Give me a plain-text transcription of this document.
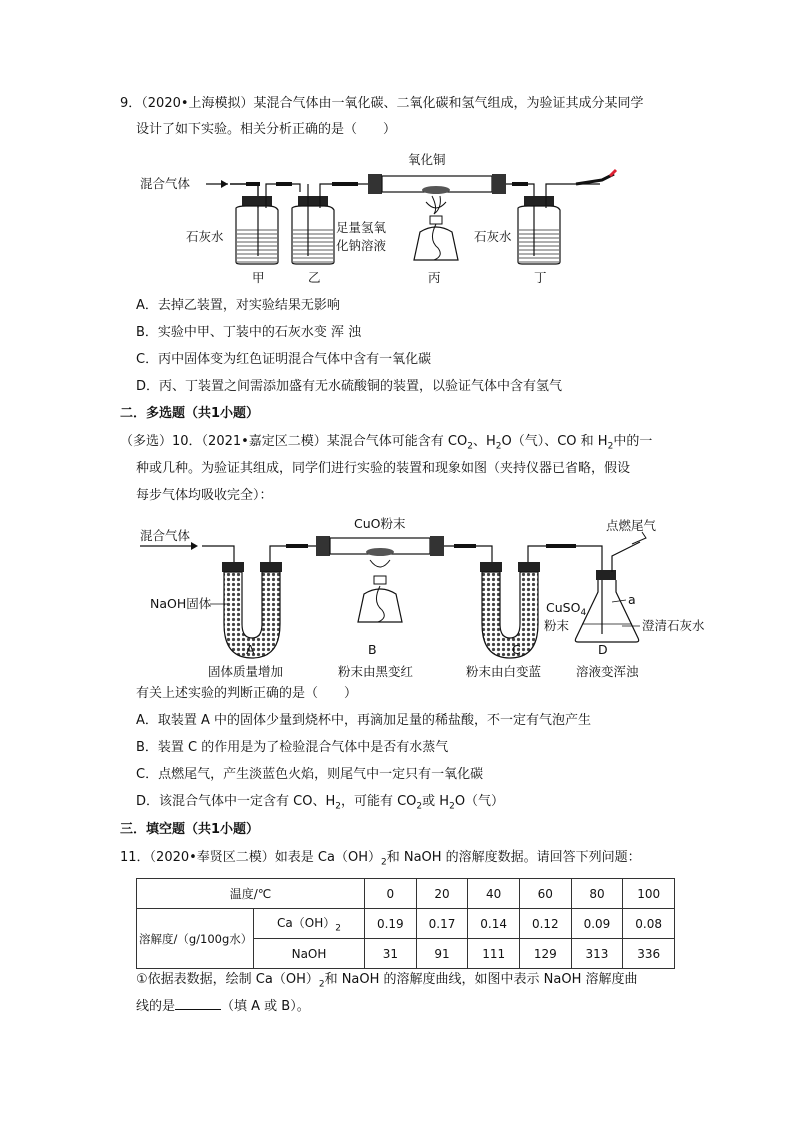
9．（2020•上海模拟）某混合气体由一氧化碳、二氧化碳和氢气组成，为验证其成分某同学
设计了如下实验。相关分析正确的是（　　）
混合气体
氧化铜
石灰水
足量氢氧
化钠溶液
石灰水
甲	乙	丙	丁
A．去掉乙装置，对实验结果无影响
B．实验中甲、丁装中的石灰水变 浑 浊
C．丙中固体变为红色证明混合气体中含有一氧化碳
D．丙、丁装置之间需添加盛有无水硫酸铜的装置，以验证气体中含有氢气
二．多选题（共1小题）
（多选）10．（2021•嘉定区二模）某混合气体可能含有 $CO_2$、$H_2O$（气）、CO 和 $H_2$中的一
种或几种。为验证其组成，同学们进行实验的装置和现象如图（夹持仪器已省略，假设
每步气体均吸收完全）：
混合气体
CuO粉末	点燃尾气
NaOH固体	CuSO$_4$
粉末
a
澄清石灰水
A	B	C	D
固体质量增加	粉末由黑变红	粉末由白变蓝	溶液变浑浊
有关上述实验的判断正确的是（　　）
A．取装置 A 中的固体少量到烧杯中，再滴加足量的稀盐酸，不一定有气泡产生
B．装置 C 的作用是为了检验混合气体中是否有水蒸气
C．点燃尾气，产生淡蓝色火焰，则尾气中一定只有一氧化碳
D．该混合气体中一定含有 CO、$H_2$，可能有 $CO_2$或 $H_2O$（气）
三．填空题（共1小题）
11．（2020•奉贤区二模）如表是 $Ca(OH)_2$和 NaOH 的溶解度数据。请回答下列问题：
温度/℃		0	20	40	60	80	100
溶解度/（g/100g水）	$Ca(OH)_2$	0.19	0.17	0.14	0.12	0.09	0.08
	NaOH	31	91	111	129	313	336
①依据表数据，绘制 $Ca(OH)_2$和 NaOH 的溶解度曲线，如图中表示 NaOH 溶解度曲
线的是	（填 A 或 B）。
